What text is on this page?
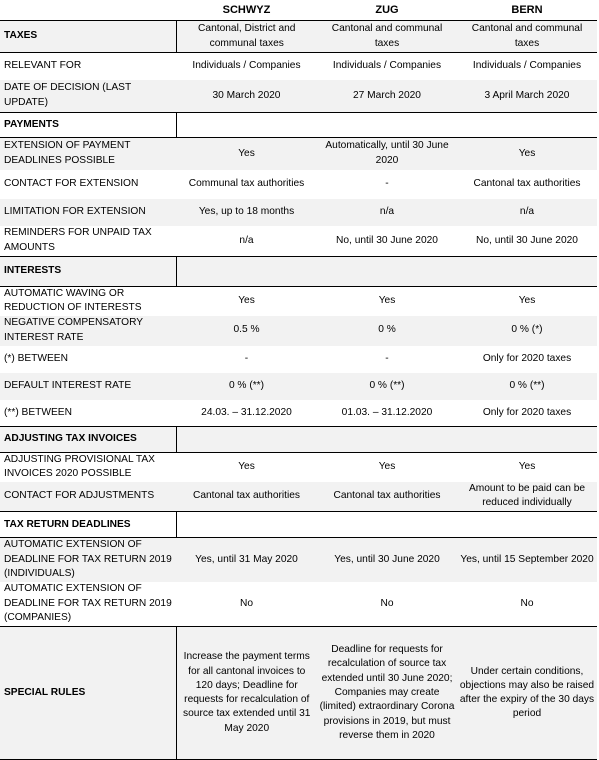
	SCHWYZ	ZUG	BERN
TAXES	Cantonal, District and communal taxes	Cantonal and communal taxes	Cantonal and communal taxes
RELEVANT FOR	Individuals / Companies	Individuals / Companies	Individuals / Companies
DATE OF DECISION (LAST UPDATE)	30 March 2020	27 March 2020	3 April March 2020
PAYMENTS			
EXTENSION OF PAYMENT DEADLINES POSSIBLE	Yes	Automatically, until 30 June 2020	Yes
CONTACT FOR EXTENSION	Communal tax authorities	-	Cantonal tax authorities
LIMITATION FOR EXTENSION	Yes, up to 18 months	n/a	n/a
REMINDERS FOR UNPAID TAX AMOUNTS	n/a	No, until 30 June 2020	No, until 30 June 2020
INTERESTS			
AUTOMATIC WAVING OR REDUCTION OF INTERESTS	Yes	Yes	Yes
NEGATIVE COMPENSATORY INTEREST RATE	0.5 %	0 %	0 % (*)
(*) BETWEEN	-	-	Only for 2020 taxes
DEFAULT INTEREST RATE	0 % (**)	0 % (**)	0 % (**)
(**) BETWEEN	24.03. – 31.12.2020	01.03. – 31.12.2020	Only for 2020 taxes
ADJUSTING TAX INVOICES			
ADJUSTING PROVISIONAL TAX INVOICES 2020 POSSIBLE	Yes	Yes	Yes
CONTACT FOR ADJUSTMENTS	Cantonal tax authorities	Cantonal tax authorities	Amount to be paid can be reduced individually
TAX RETURN DEADLINES			
AUTOMATIC EXTENSION OF DEADLINE FOR TAX RETURN 2019 (INDIVIDUALS)	Yes, until 31 May 2020	Yes, until 30 June 2020	Yes, until 15 September 2020
AUTOMATIC EXTENSION OF DEADLINE FOR TAX RETURN 2019 (COMPANIES)	No	No	No
SPECIAL RULES	Increase the payment terms for all cantonal invoices to 120 days; Deadline for requests for recalculation of source tax extended until 31 May 2020	Deadline for requests for recalculation of source tax extended until 30 June 2020; Companies may create (limited) extraordinary Corona provisions in 2019, but must reverse them in 2020	Under certain conditions, objections may also be raised after the expiry of the 30 days period
